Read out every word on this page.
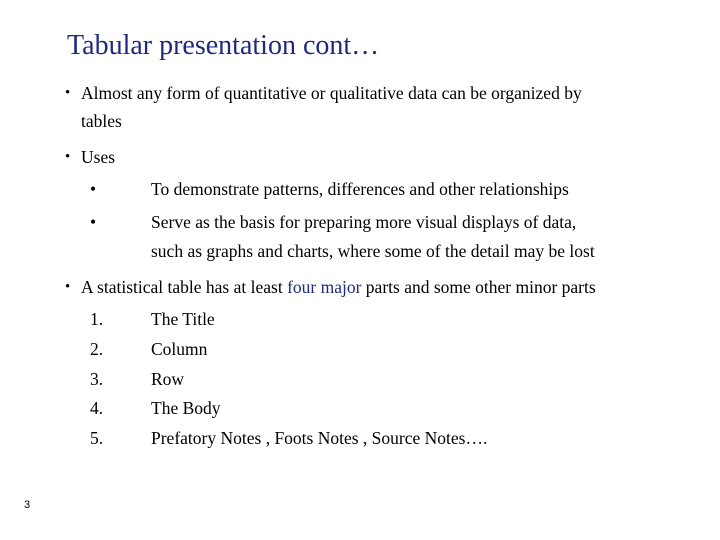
Tabular presentation cont…
• Almost any form of quantitative or qualitative data can be organized by
tables
• Uses
•	To demonstrate patterns, differences and other relationships
•	Serve as the basis for preparing more visual displays of data,
such as graphs and charts, where some of the detail may be lost
• A statistical table has at least four major parts and some other minor parts
1.	The Title
2.	Column
3.	Row
4.	The Body
5.	Prefatory Notes , Foots Notes , Source Notes….
3
